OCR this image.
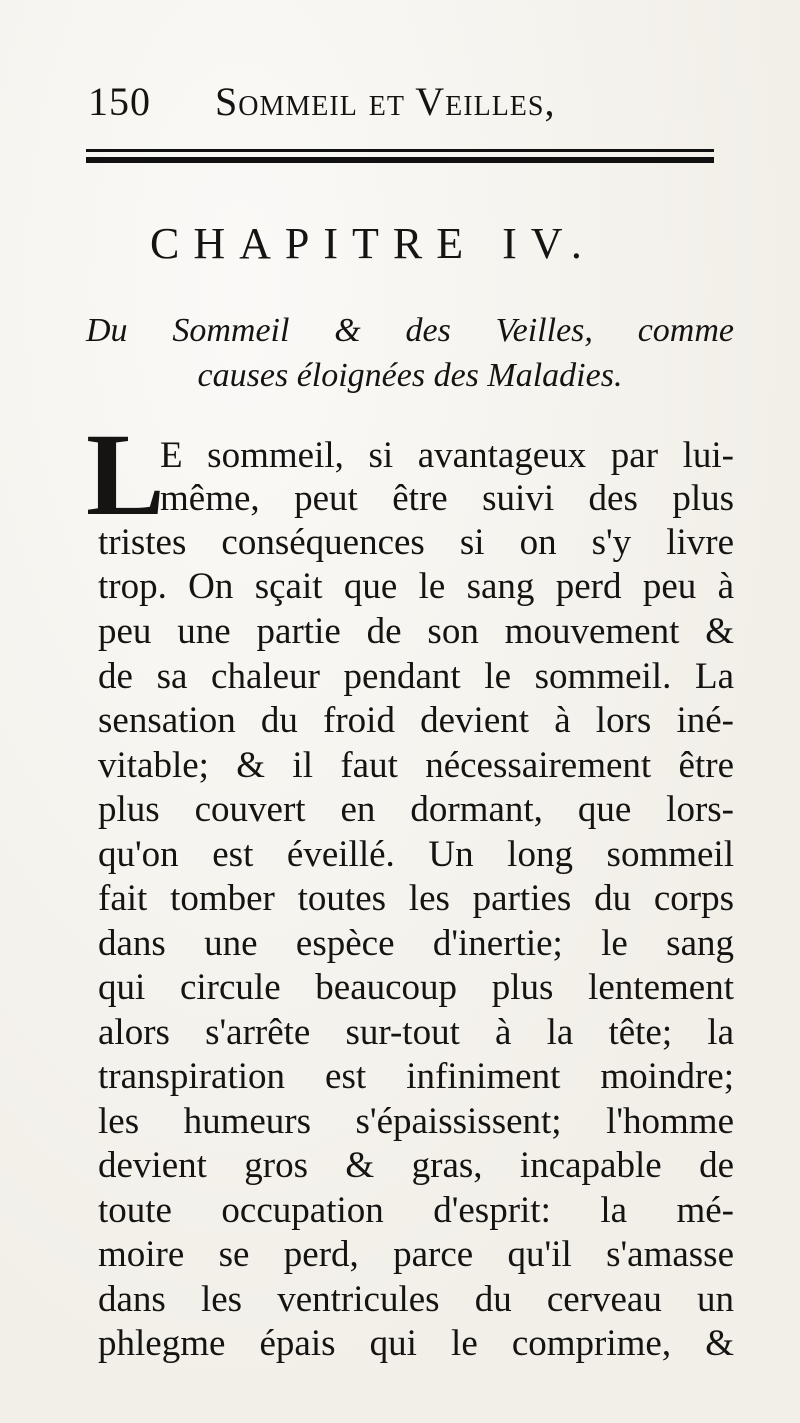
150 Sommeil et Veilles,
CHAPITRE IV.
Du Sommeil & des Veilles, comme
causes éloignées des Maladies.
L
E sommeil, si avantageux par lui-
même, peut être suivi des plus
tristes conséquences si on s'y livre
trop. On sçait que le sang perd peu à
peu une partie de son mouvement &
de sa chaleur pendant le sommeil. La
sensation du froid devient à lors iné-
vitable; & il faut nécessairement être
plus couvert en dormant, que lors-
qu'on est éveillé. Un long sommeil
fait tomber toutes les parties du corps
dans une espèce d'inertie; le sang
qui circule beaucoup plus lentement
alors s'arrête sur-tout à la tête; la
transpiration est infiniment moindre;
les humeurs s'épaississent; l'homme
devient gros & gras, incapable de
toute occupation d'esprit: la mé-
moire se perd, parce qu'il s'amasse
dans les ventricules du cerveau un
phlegme épais qui le comprime, &
